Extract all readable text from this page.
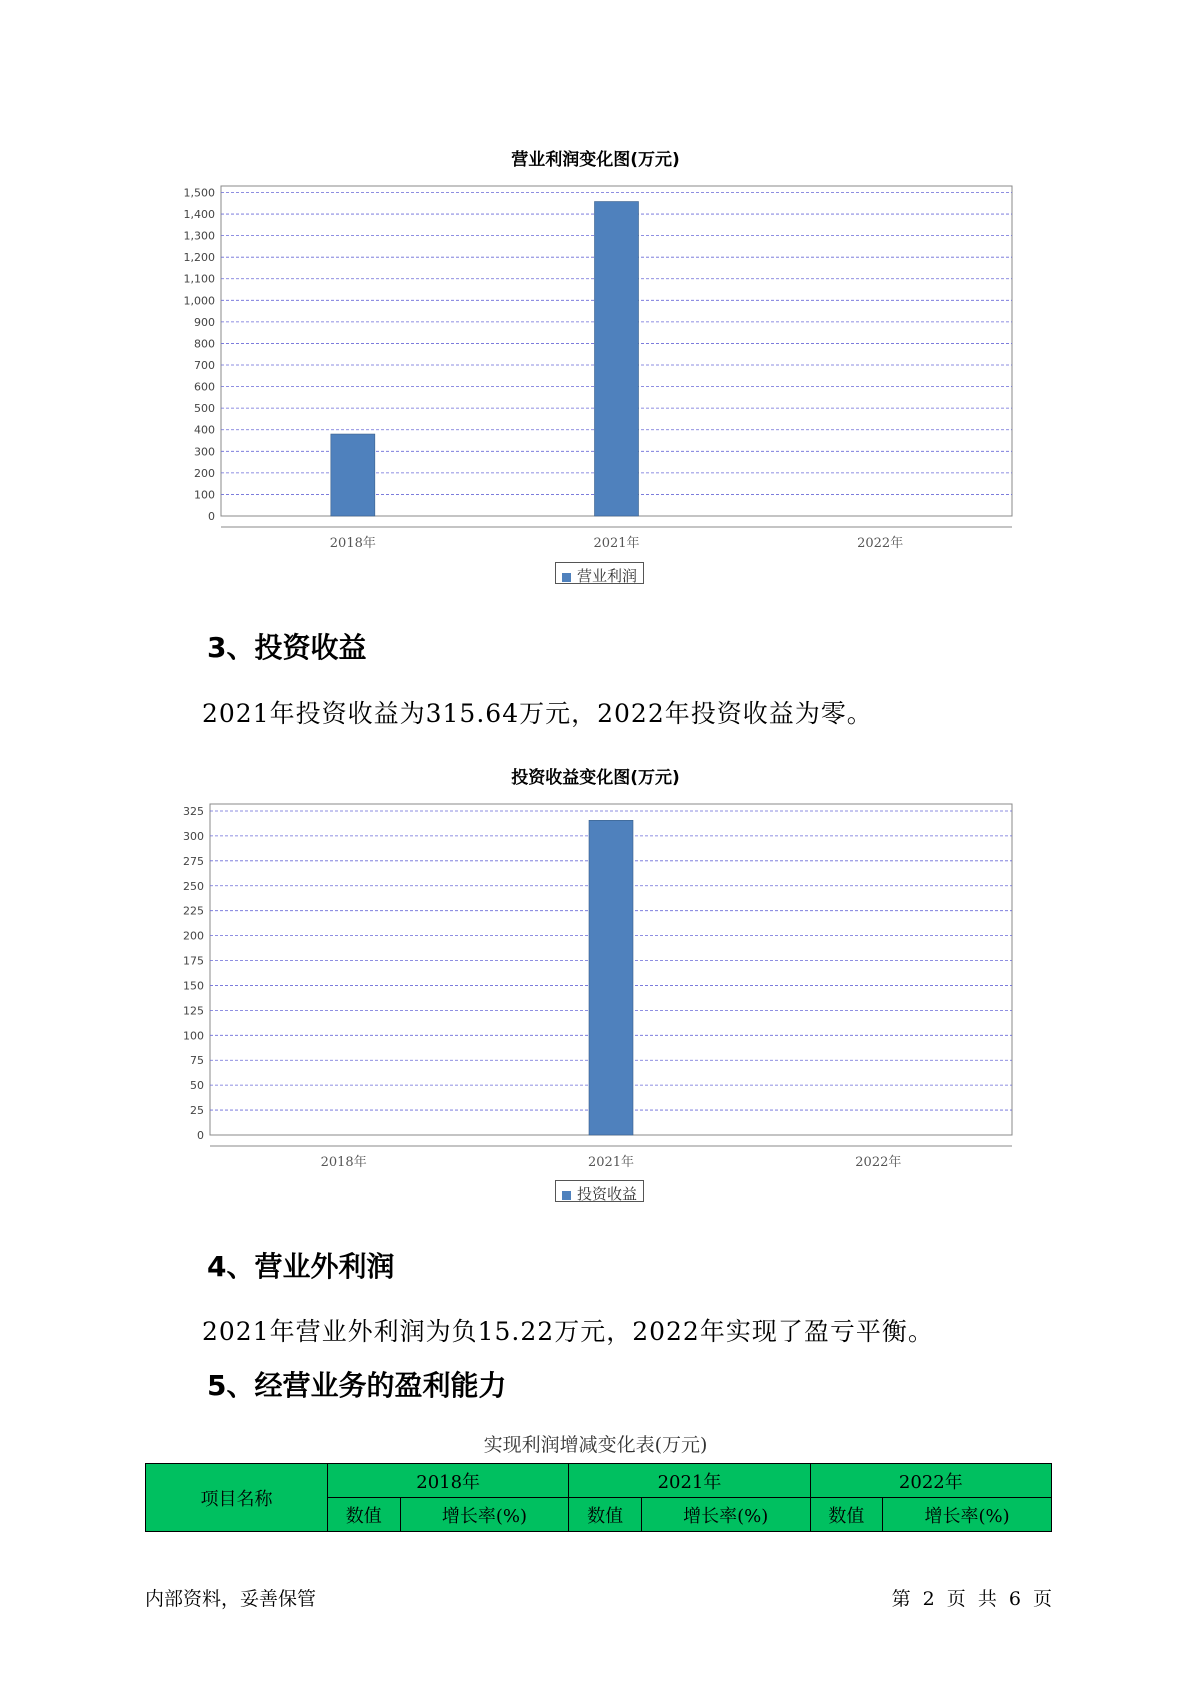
营业利润变化图(万元)
0
100
200
300
400
500
600
700
800
900
1,000
1,100
1,200
1,300
1,400
1,500
2018年	2021年	2022年
营业利润
3、投资收益
2021年投资收益为315.64万元，2022年投资收益为零。
投资收益变化图(万元)
0
25
50
75
100
125
150
175
200
225
250
275
300
325
2018年	2021年	2022年
投资收益
4、营业外利润
2021年营业外利润为负15.22万元，2022年实现了盈亏平衡。
5、经营业务的盈利能力
实现利润增减变化表(万元)
项目名称	2018年		2021年		2022年	
	数值	增长率(%)	数值	增长率(%)	数值	增长率(%)
内部资料，妥善保管	第 2 页 共 6 页
